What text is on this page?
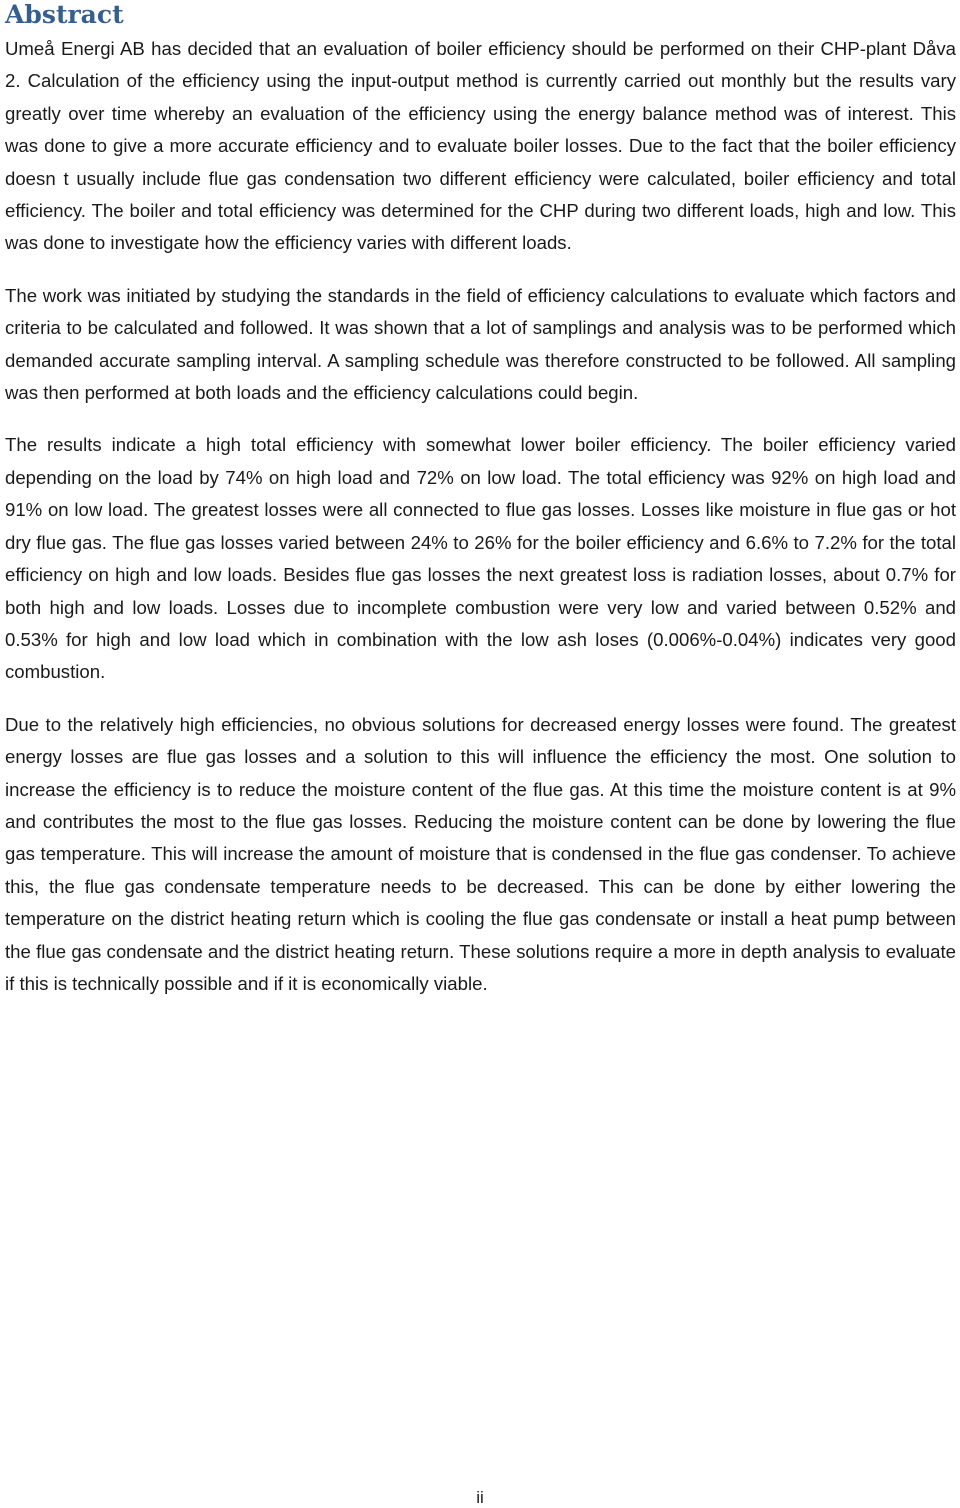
Abstract

Umeå Energi AB has decided that an evaluation of boiler efficiency should be performed on their CHP-plant Dåva 2. Calculation of the efficiency using the input-output method is currently carried out monthly but the results vary greatly over time whereby an evaluation of the efficiency using the energy balance method was of interest. This was done to give a more accurate efficiency and to evaluate boiler losses. Due to the fact that the boiler efficiency doesn t usually include flue gas condensation two different efficiency were calculated, boiler efficiency and total efficiency. The boiler and total efficiency was determined for the CHP during two different loads, high and low. This was done to investigate how the efficiency varies with different loads.

The work was initiated by studying the standards in the field of efficiency calculations to evaluate which factors and criteria to be calculated and followed. It was shown that a lot of samplings and analysis was to be performed which demanded accurate sampling interval. A sampling schedule was therefore constructed to be followed. All sampling was then performed at both loads and the efficiency calculations could begin.

The results indicate a high total efficiency with somewhat lower boiler efficiency. The boiler efficiency varied depending on the load by 74% on high load and 72% on low load. The total efficiency was 92% on high load and 91% on low load. The greatest losses were all connected to flue gas losses. Losses like moisture in flue gas or hot dry flue gas. The flue gas losses varied between 24% to 26% for the boiler efficiency and 6.6% to 7.2% for the total efficiency on high and low loads. Besides flue gas losses the next greatest loss is radiation losses, about 0.7% for both high and low loads. Losses due to incomplete combustion were very low and varied between 0.52% and 0.53% for high and low load which in combination with the low ash loses (0.006%-0.04%) indicates very good combustion.

Due to the relatively high efficiencies, no obvious solutions for decreased energy losses were found. The greatest energy losses are flue gas losses and a solution to this will influence the efficiency the most. One solution to increase the efficiency is to reduce the moisture content of the flue gas. At this time the moisture content is at 9% and contributes the most to the flue gas losses. Reducing the moisture content can be done by lowering the flue gas temperature. This will increase the amount of moisture that is condensed in the flue gas condenser. To achieve this, the flue gas condensate temperature needs to be decreased. This can be done by either lowering the temperature on the district heating return which is cooling the flue gas condensate or install a heat pump between the flue gas condensate and the district heating return. These solutions require a more in depth analysis to evaluate if this is technically possible and if it is economically viable.

ii
